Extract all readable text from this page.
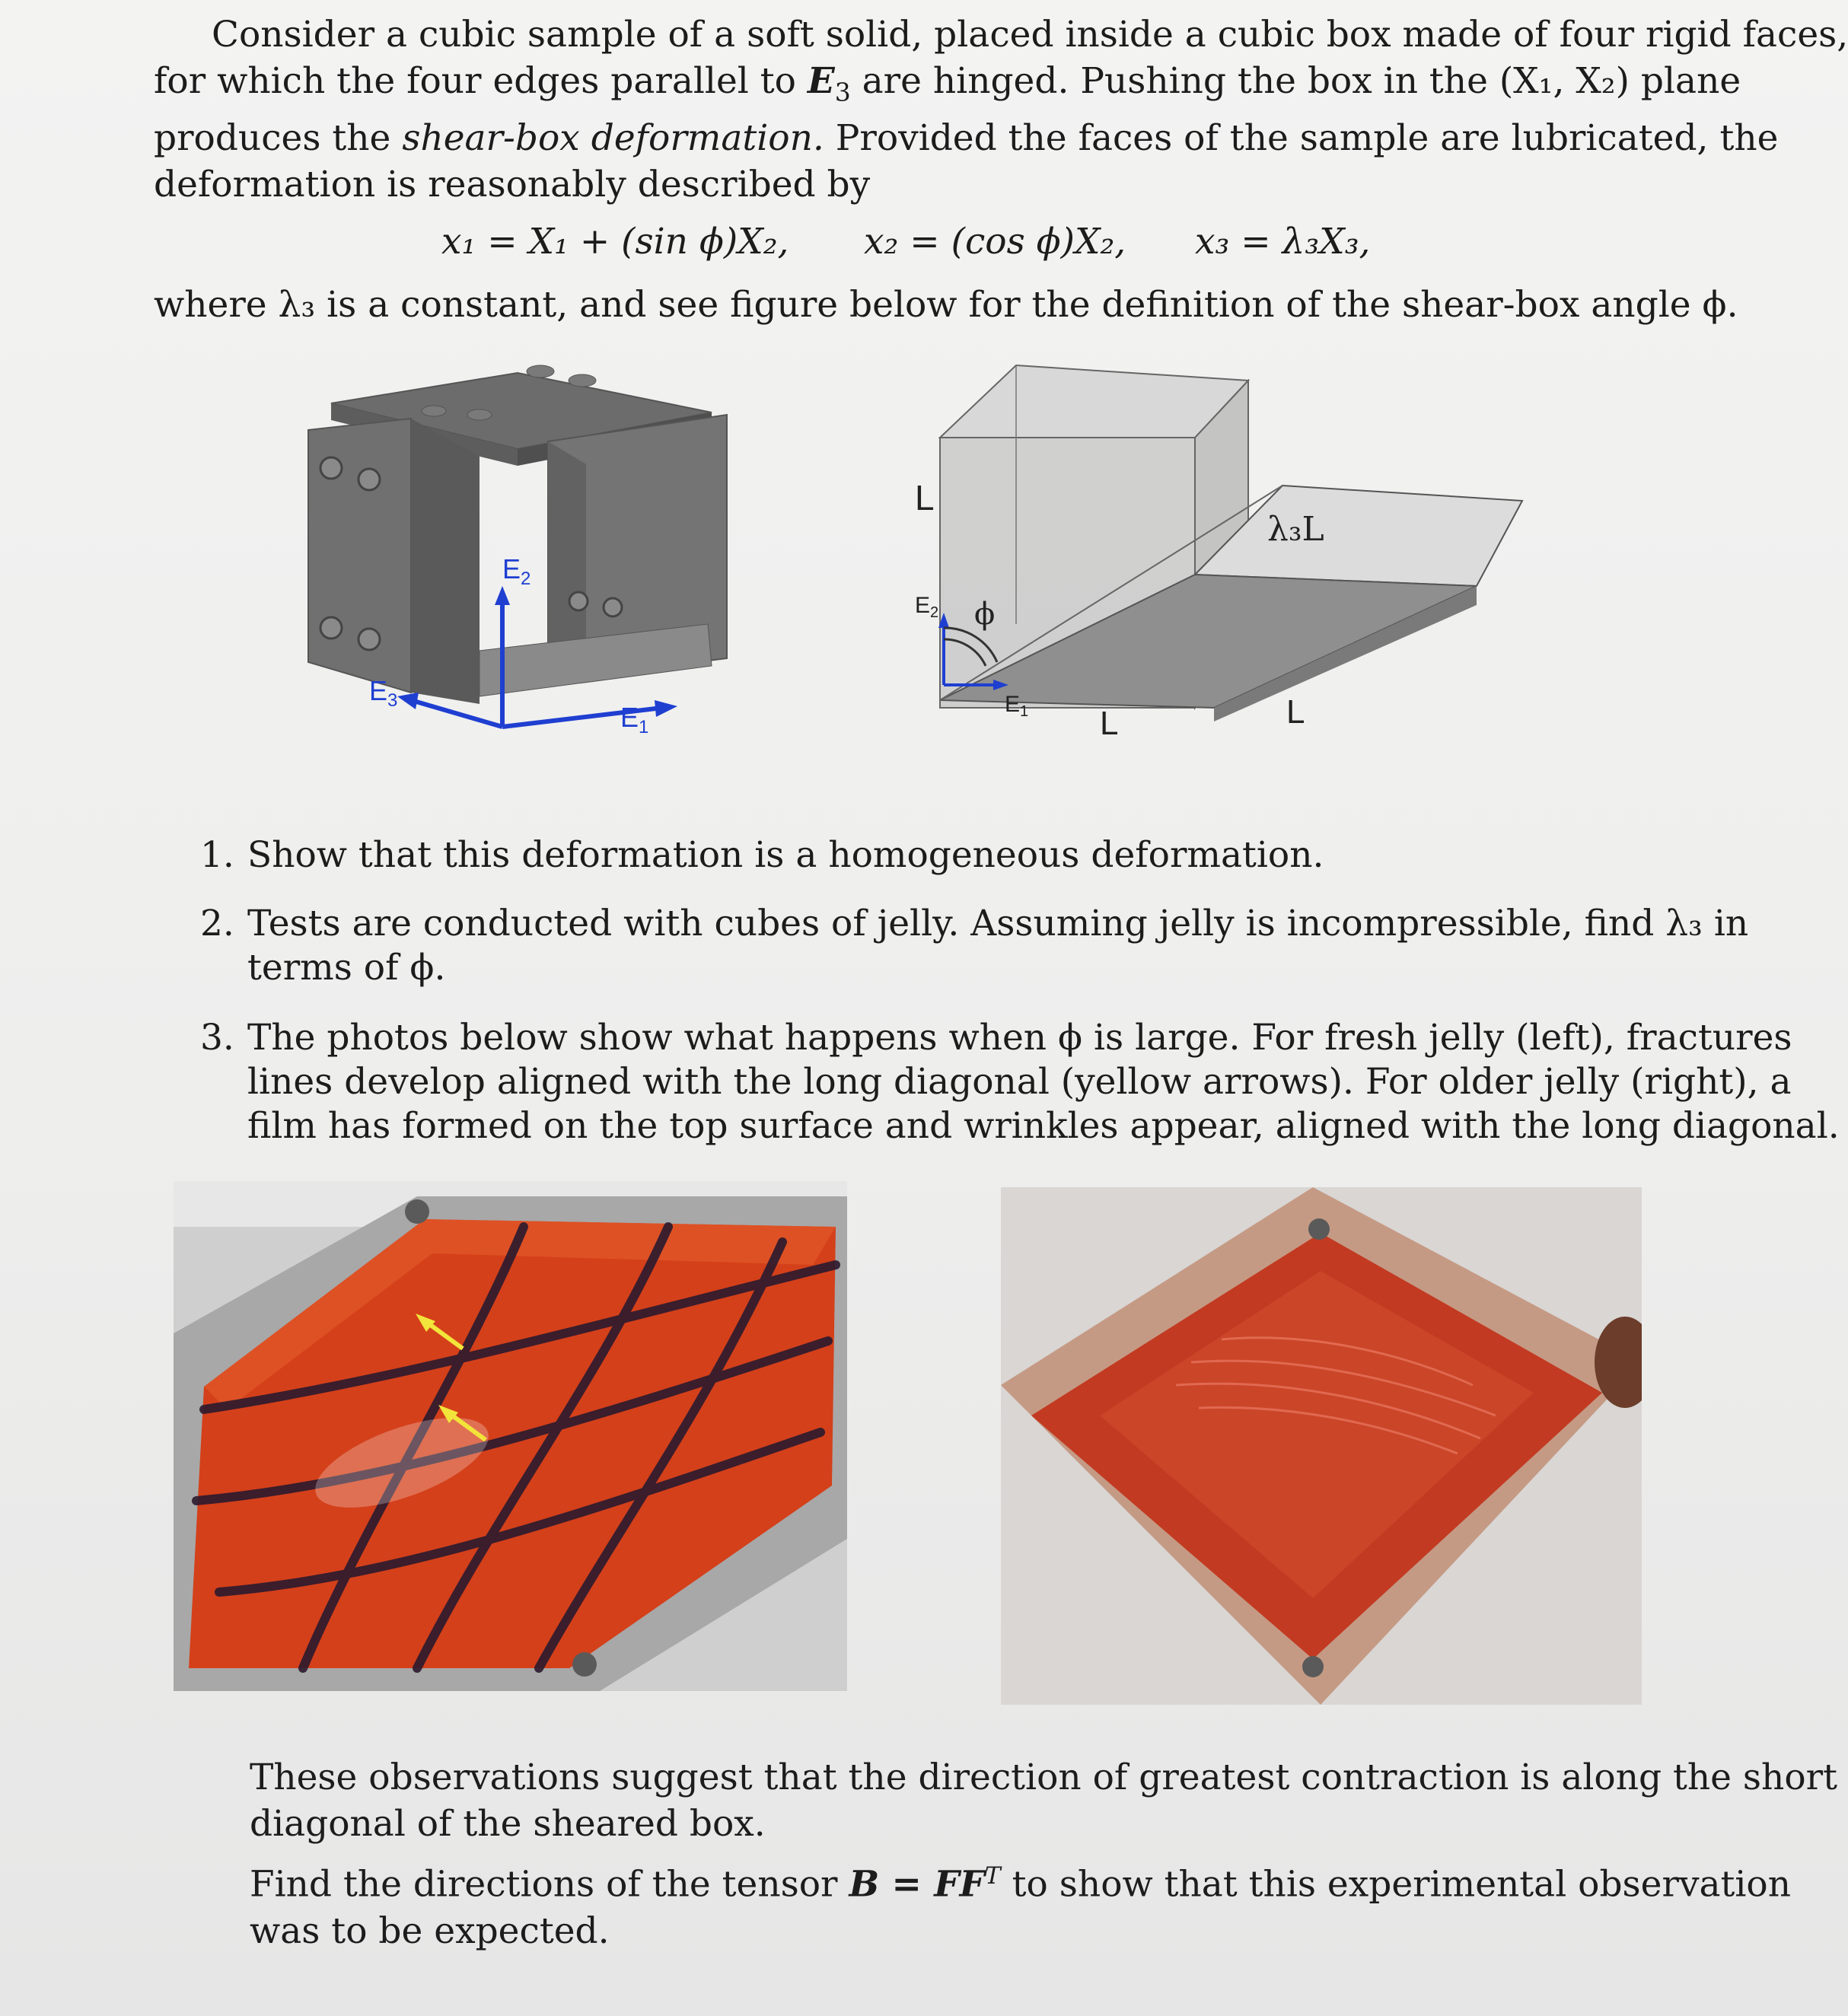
Consider a cubic sample of a soft solid, placed inside a cubic box made of four rigid faces,
for which the four edges parallel to $E_3$ are hinged. Pushing the box in the (X₁, X₂) plane
produces the shear-box deformation. Provided the faces of the sample are lubricated, the
deformation is reasonably described by
x₁ = X₁ + (sin ϕ)X₂, x₂ = (cos ϕ)X₂, x₃ = λ₃X₃,
where λ₃ is a constant, and see figure below for the definition of the shear-box angle ϕ.
$E_2$
$E_3$
$E_1$
L
$E_2$ ϕ
$E_1$ L	L
λ₃L
1. Show that this deformation is a homogeneous deformation.
2. Tests are conducted with cubes of jelly. Assuming jelly is incompressible, find λ₃ in
terms of ϕ.
3. The photos below show what happens when ϕ is large. For fresh jelly (left), fractures
lines develop aligned with the long diagonal (yellow arrows). For older jelly (right), a
film has formed on the top surface and wrinkles appear, aligned with the long diagonal.
These observations suggest that the direction of greatest contraction is along the short
diagonal of the sheared box.
Find the directions of the tensor $B = FF^T$ to show that this experimental observation
was to be expected.
